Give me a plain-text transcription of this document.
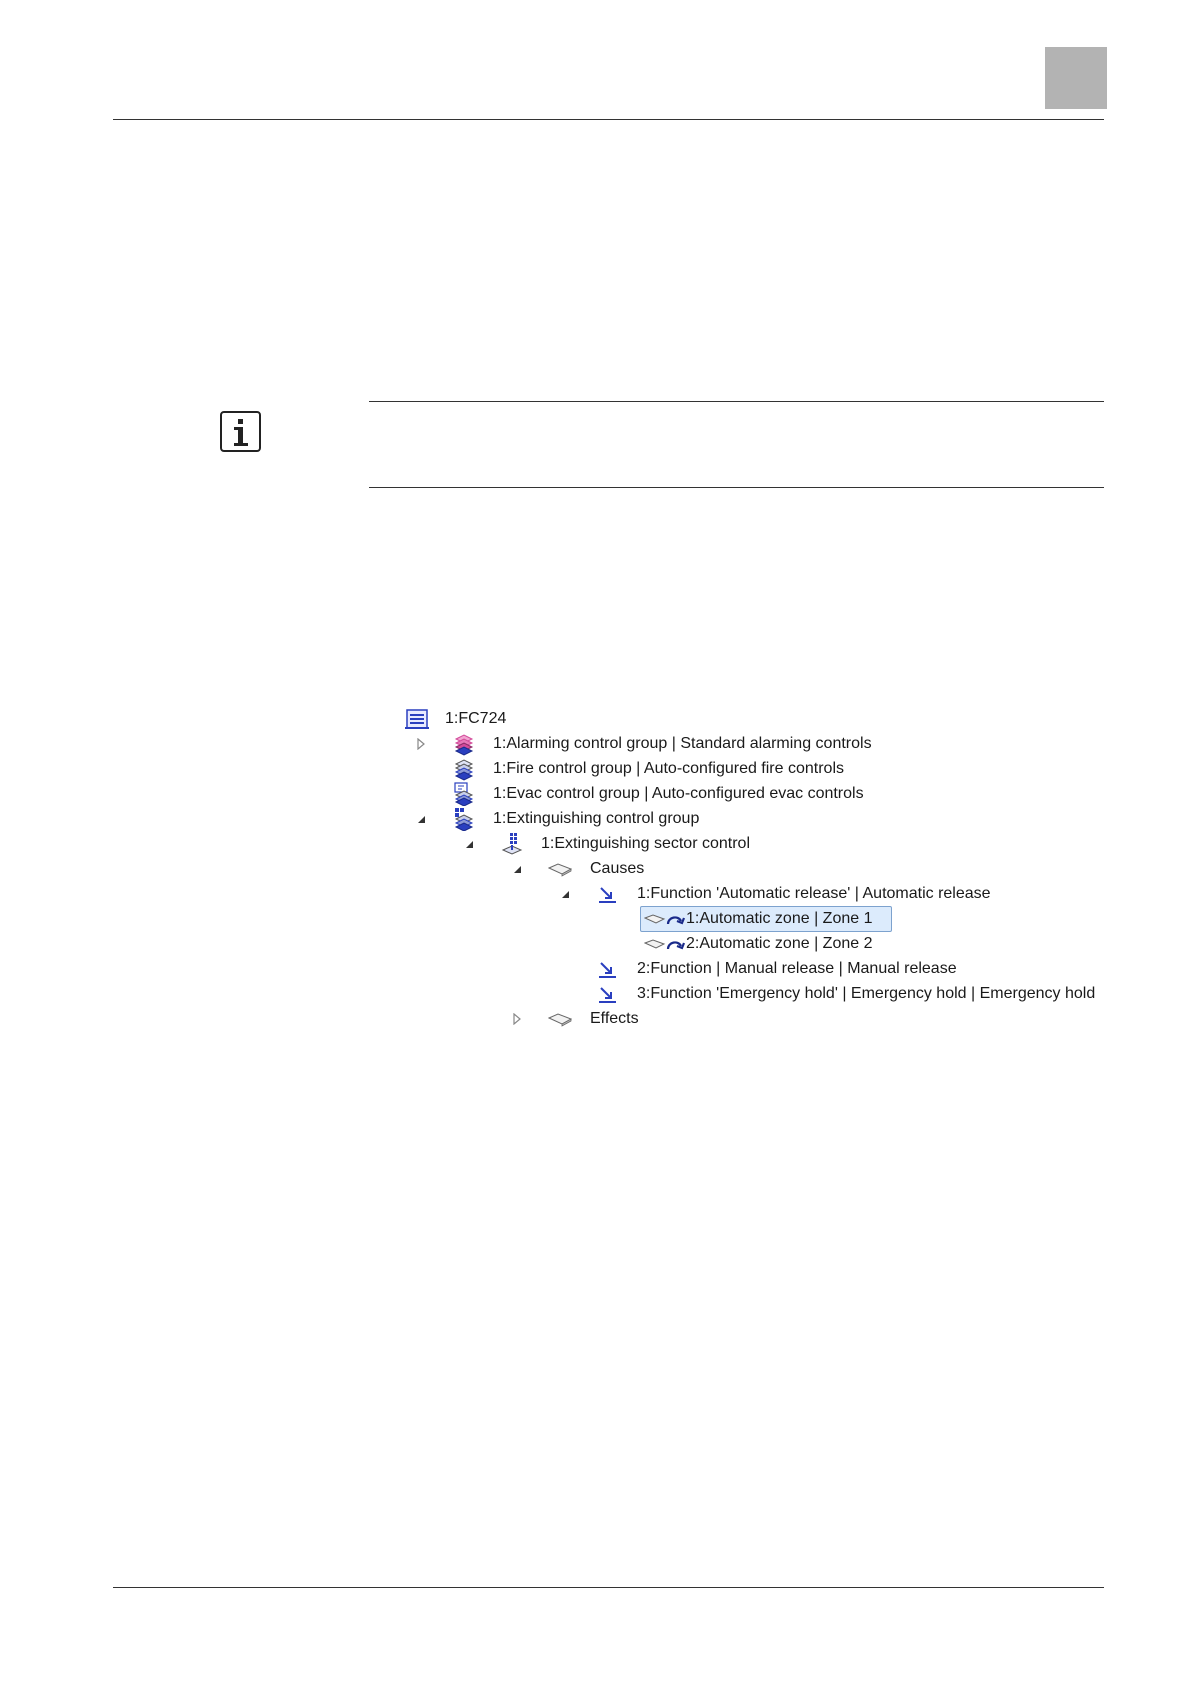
1:FC724
1:Alarming control group | Standard alarming controls
1:Fire control group | Auto-configured fire controls
1:Evac control group | Auto-configured evac controls
1:Extinguishing control group
1:Extinguishing sector control
Causes
1:Function 'Automatic release' | Automatic release
1:Automatic zone | Zone 1
2:Automatic zone | Zone 2
2:Function | Manual release | Manual release
3:Function 'Emergency hold' | Emergency hold | Emergency hold
Effects
